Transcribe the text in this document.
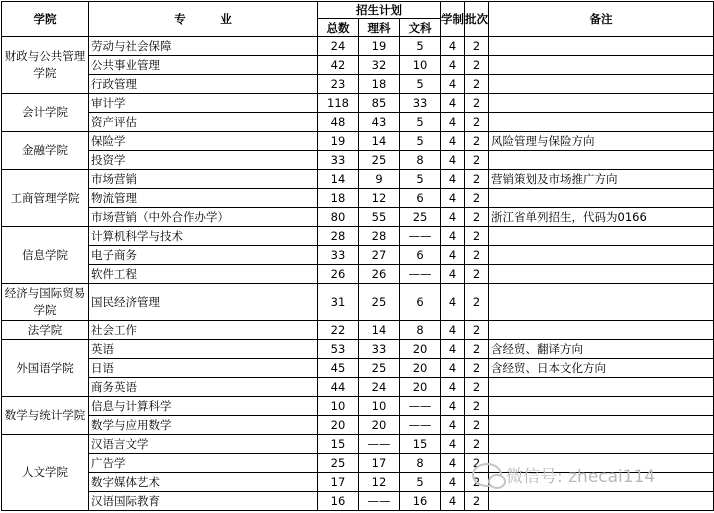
学院	专　　　业	招生计划			学制	批次	备注
		总数	理科	文科			
财政与公共管理学院	劳动与社会保障	24	19	5	4	2	
	公共事业管理	42	32	10	4	2	
	行政管理	23	18	5	4	2	
会计学院	审计学	118	85	33	4	2	
	资产评估	48	43	5	4	2	
金融学院	保险学	19	14	5	4	2	风险管理与保险方向
	投资学	33	25	8	4	2	
工商管理学院	市场营销	14	9	5	4	2	营销策划及市场推广方向
	物流管理	18	12	6	4	2	
	市场营销（中外合作办学）	80	55	25	4	2	浙江省单列招生，代码为0166
信息学院	计算机科学与技术	28	28	——	4	2	
	电子商务	33	27	6	4	2	
	软件工程	26	26	——	4	2	
经济与国际贸易学院	国民经济管理	31	25	6	4	2	
法学院	社会工作	22	14	8	4	2	
外国语学院	英语	53	33	20	4	2	含经贸、翻译方向
	日语	45	25	20	4	2	含经贸、日本文化方向
	商务英语	44	24	20	4	2	
数学与统计学院	信息与计算科学	10	10	——	4	2	
	数学与应用数学	20	20	——	4	2	
人文学院	汉语言文学	15	——	15	4	2	
	广告学	25	17	8	4	2	
	数字媒体艺术	17	12	5	4	2	
	汉语国际教育	16	——	16	4	2	
微信号: zhecai114
